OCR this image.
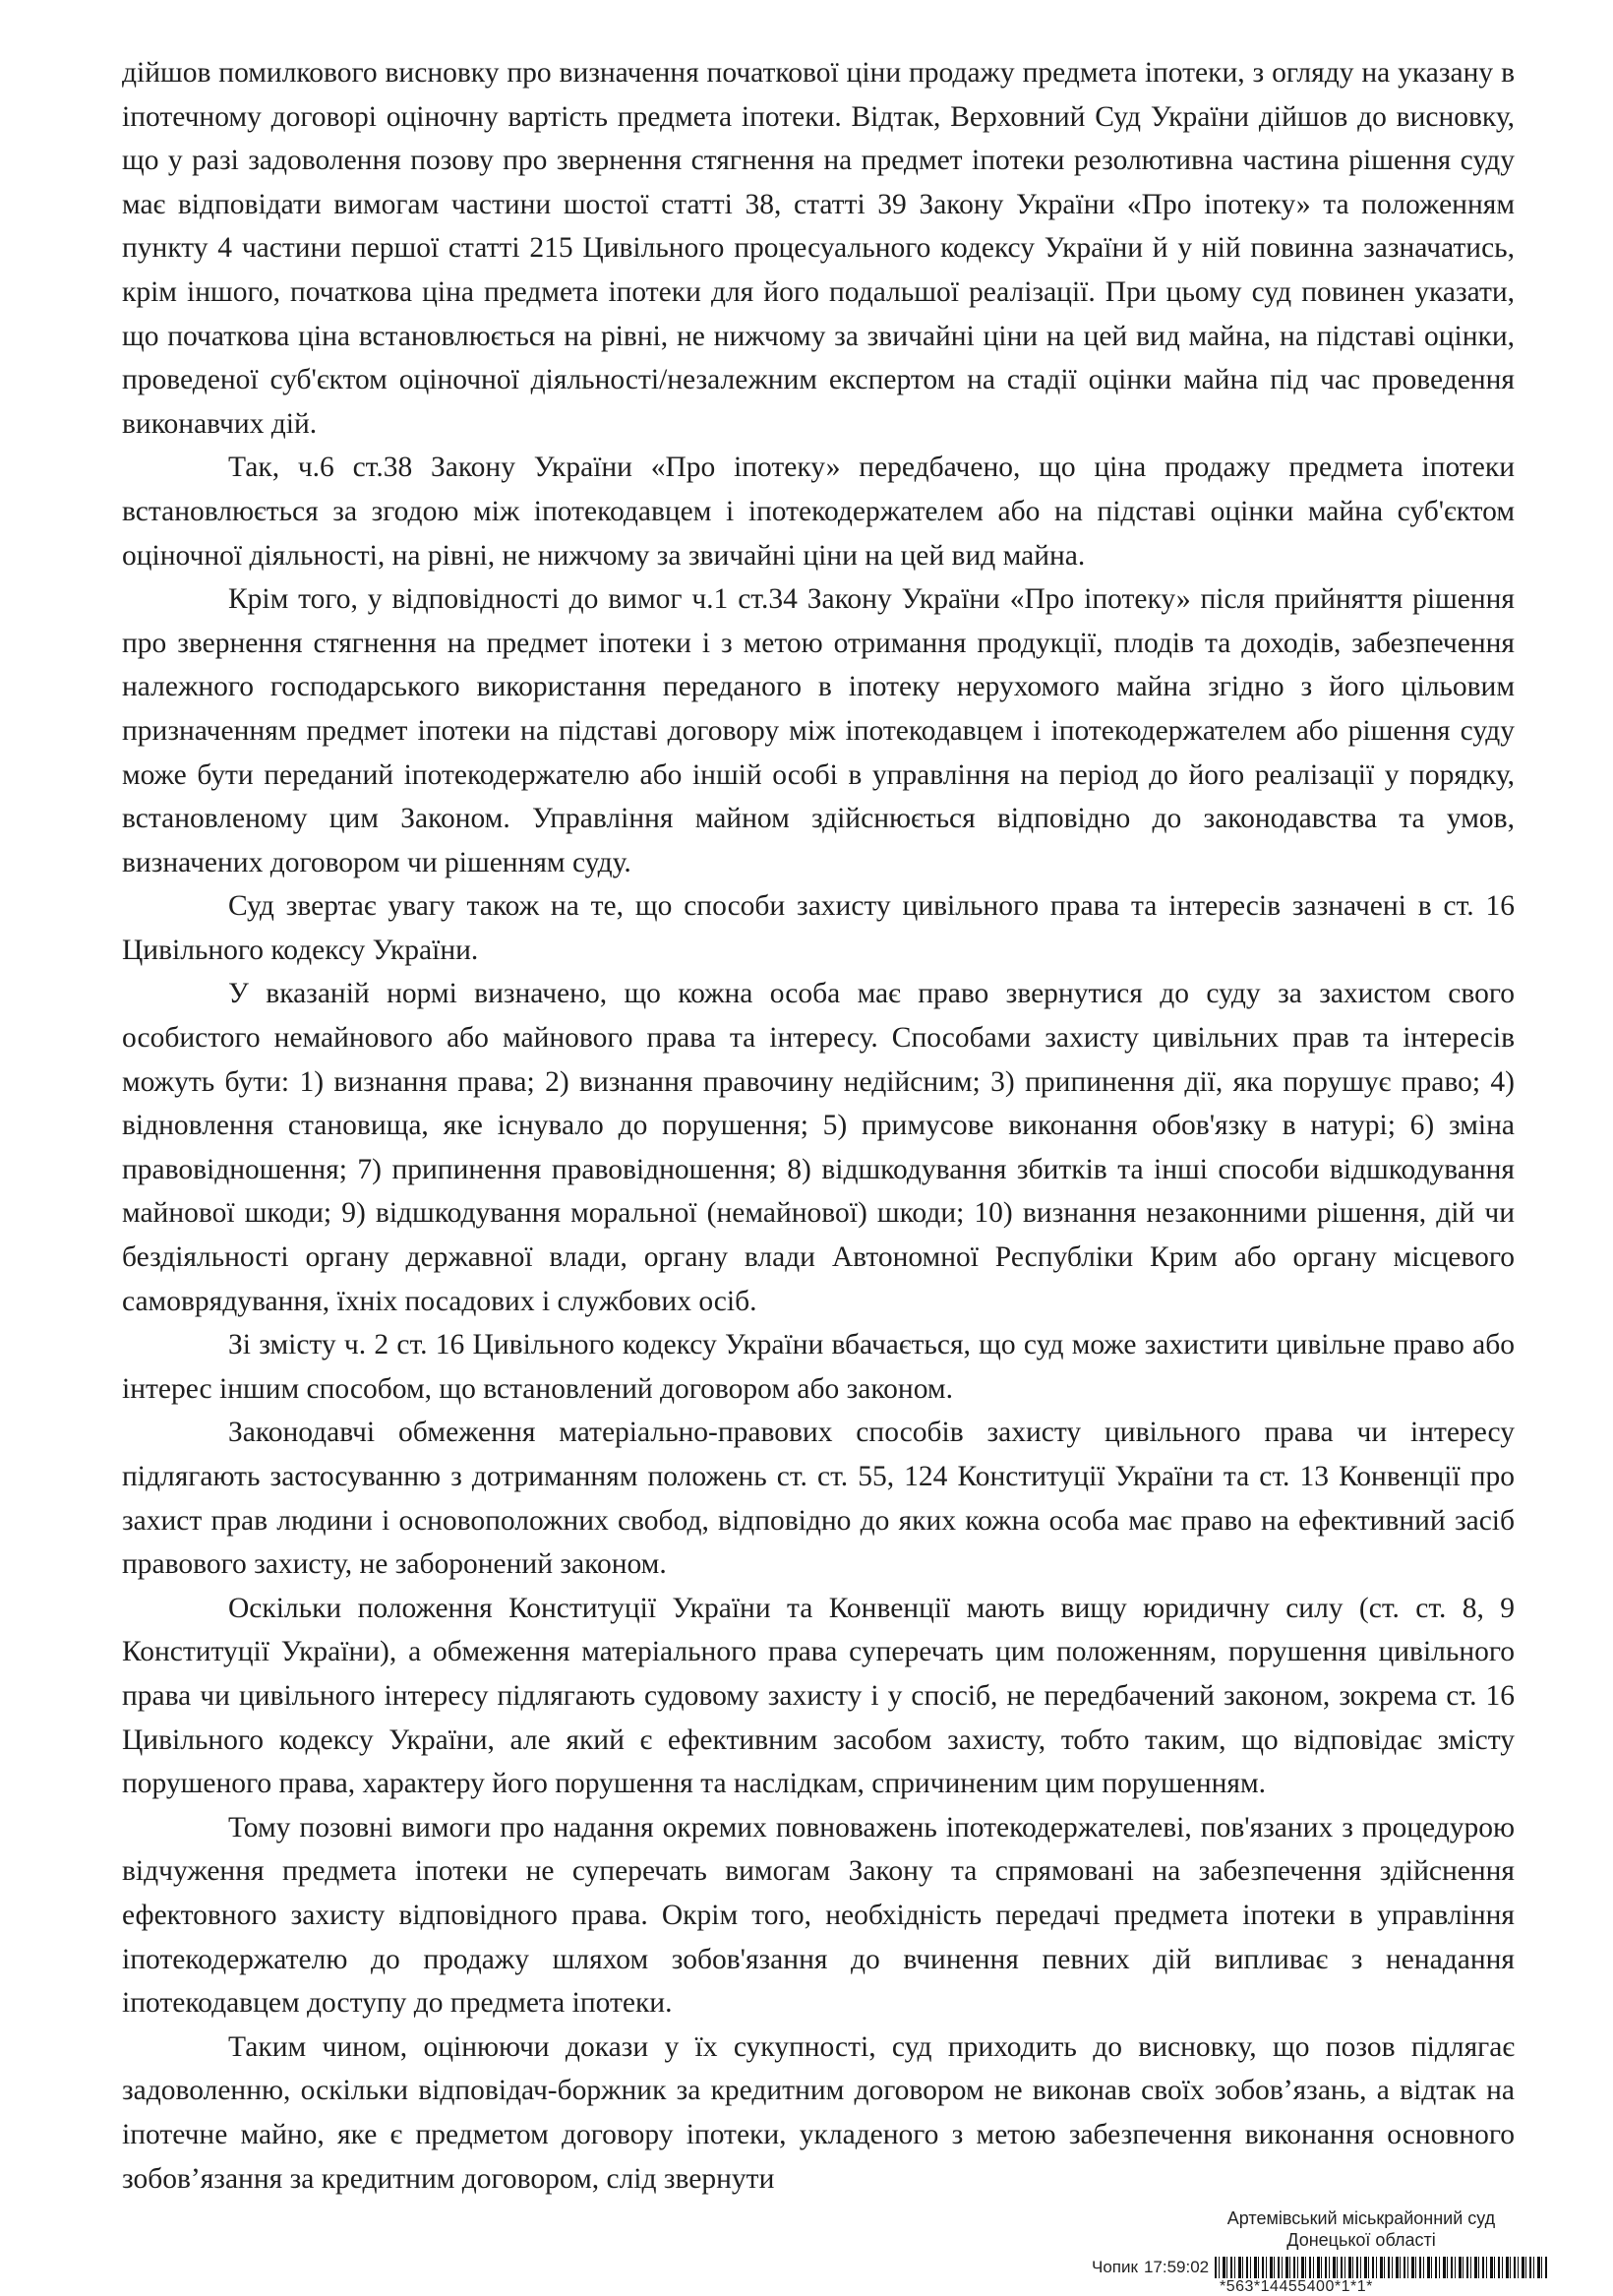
дійшов помилкового висновку про визначення початкової ціни продажу предмета іпотеки, з огляду на указану в іпотечному договорі оціночну вартість предмета іпотеки. Відтак, Верховний Суд України дійшов до висновку, що у разі задоволення позову про звернення стягнення на предмет іпотеки резолютивна частина рішення суду має відповідати вимогам частини шостої статті 38, статті 39 Закону України «Про іпотеку» та положенням пункту 4 частини першої статті 215 Цивільного процесуального кодексу України й у ній повинна зазначатись, крім іншого, початкова ціна предмета іпотеки для його подальшої реалізації. При цьому суд повинен указати, що початкова ціна встановлюється на рівні, не нижчому за звичайні ціни на цей вид майна, на підставі оцінки, проведеної суб'єктом оціночної діяльності/незалежним експертом на стадії оцінки майна під час проведення виконавчих дій.

Так, ч.6 ст.38 Закону України «Про іпотеку» передбачено, що ціна продажу предмета іпотеки встановлюється за згодою між іпотекодавцем і іпотекодержателем або на підставі оцінки майна суб'єктом оціночної діяльності, на рівні, не нижчому за звичайні ціни на цей вид майна.

Крім того, у відповідності до вимог ч.1 ст.34 Закону України «Про іпотеку» після прийняття рішення про звернення стягнення на предмет іпотеки і з метою отримання продукції, плодів та доходів, забезпечення належного господарського використання переданого в іпотеку нерухомого майна згідно з його цільовим призначенням предмет іпотеки на підставі договору між іпотекодавцем і іпотекодержателем або рішення суду може бути переданий іпотекодержателю або іншій особі в управління на період до його реалізації у порядку, встановленому цим Законом. Управління майном здійснюється відповідно до законодавства та умов, визначених договором чи рішенням суду.

Суд звертає увагу також на те, що способи захисту цивільного права та інтересів зазначені в ст. 16 Цивільного кодексу України.

У вказаній нормі визначено, що кожна особа має право звернутися до суду за захистом свого особистого немайнового або майнового права та інтересу. Способами захисту цивільних прав та інтересів можуть бути: 1) визнання права; 2) визнання правочину недійсним; 3) припинення дії, яка порушує право; 4) відновлення становища, яке існувало до порушення; 5) примусове виконання обов'язку в натурі; 6) зміна правовідношення; 7) припинення правовідношення; 8) відшкодування збитків та інші способи відшкодування майнової шкоди; 9) відшкодування моральної (немайнової) шкоди; 10) визнання незаконними рішення, дій чи бездіяльності органу державної влади, органу влади Автономної Республіки Крим або органу місцевого самоврядування, їхніх посадових і службових осіб.

Зі змісту ч. 2 ст. 16 Цивільного кодексу України вбачається, що суд може захистити цивільне право або інтерес іншим способом, що встановлений договором або законом.

Законодавчі обмеження матеріально-правових способів захисту цивільного права чи інтересу підлягають застосуванню з дотриманням положень ст. ст. 55, 124 Конституції України та ст. 13 Конвенції про захист прав людини і основоположних свобод, відповідно до яких кожна особа має право на ефективний засіб правового захисту, не заборонений законом.

Оскільки положення Конституції України та Конвенції мають вищу юридичну силу (ст. ст. 8, 9 Конституції України), а обмеження матеріального права суперечать цим положенням, порушення цивільного права чи цивільного інтересу підлягають судовому захисту і у спосіб, не передбачений законом, зокрема ст. 16 Цивільного кодексу України, але який є ефективним засобом захисту, тобто таким, що відповідає змісту порушеного права, характеру його порушення та наслідкам, спричиненим цим порушенням.

Тому позовні вимоги про надання окремих повноважень іпотекодержателеві, пов'язаних з процедурою відчуження предмета іпотеки не суперечать вимогам Закону та спрямовані на забезпечення здійснення ефектовного захисту відповідного права. Окрім того, необхідність передачі предмета іпотеки в управління іпотекодержателю до продажу шляхом зобов'язання до вчинення певних дій випливає з ненадання іпотекодавцем доступу до предмета іпотеки.

Таким чином, оцінюючи докази у їх сукупності, суд приходить до висновку, що позов підлягає задоволенню, оскільки відповідач-боржник за кредитним договором не виконав своїх зобов’язань, а відтак на іпотечне майно, яке є предметом договору іпотеки, укладеного з метою забезпечення виконання основного зобов’язання за кредитним договором, слід звернути

Артемівський міськрайонний суд
Донецької області
Чопик 17:59:02
*563*14455400*1*1*
